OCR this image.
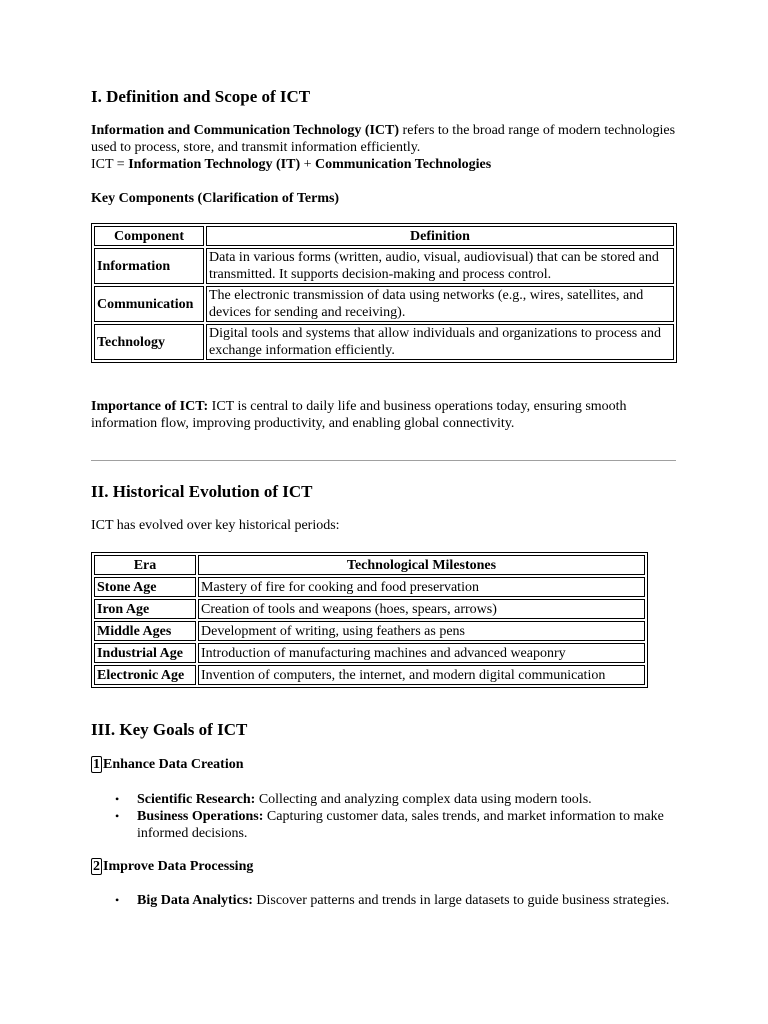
I. Definition and Scope of ICT

Information and Communication Technology (ICT) refers to the broad range of modern technologies used to process, store, and transmit information efficiently.
ICT = Information Technology (IT) + Communication Technologies

Key Components (Clarification of Terms)

Component	Definition
Information	Data in various forms (written, audio, visual, audiovisual) that can be stored and transmitted. It supports decision-making and process control.
Communication	The electronic transmission of data using networks (e.g., wires, satellites, and devices for sending and receiving).
Technology	Digital tools and systems that allow individuals and organizations to process and exchange information efficiently.

Importance of ICT: ICT is central to daily life and business operations today, ensuring smooth information flow, improving productivity, and enabling global connectivity.

II. Historical Evolution of ICT

ICT has evolved over key historical periods:

Era	Technological Milestones
Stone Age	Mastery of fire for cooking and food preservation
Iron Age	Creation of tools and weapons (hoes, spears, arrows)
Middle Ages	Development of writing, using feathers as pens
Industrial Age	Introduction of manufacturing machines and advanced weaponry
Electronic Age	Invention of computers, the internet, and modern digital communication
III. Key Goals of ICT
1 Enhance Data Creation
• Scientific Research: Collecting and analyzing complex data using modern tools.
• Business Operations: Capturing customer data, sales trends, and market information to make informed decisions.
2 Improve Data Processing
• Big Data Analytics: Discover patterns and trends in large datasets to guide business strategies.
